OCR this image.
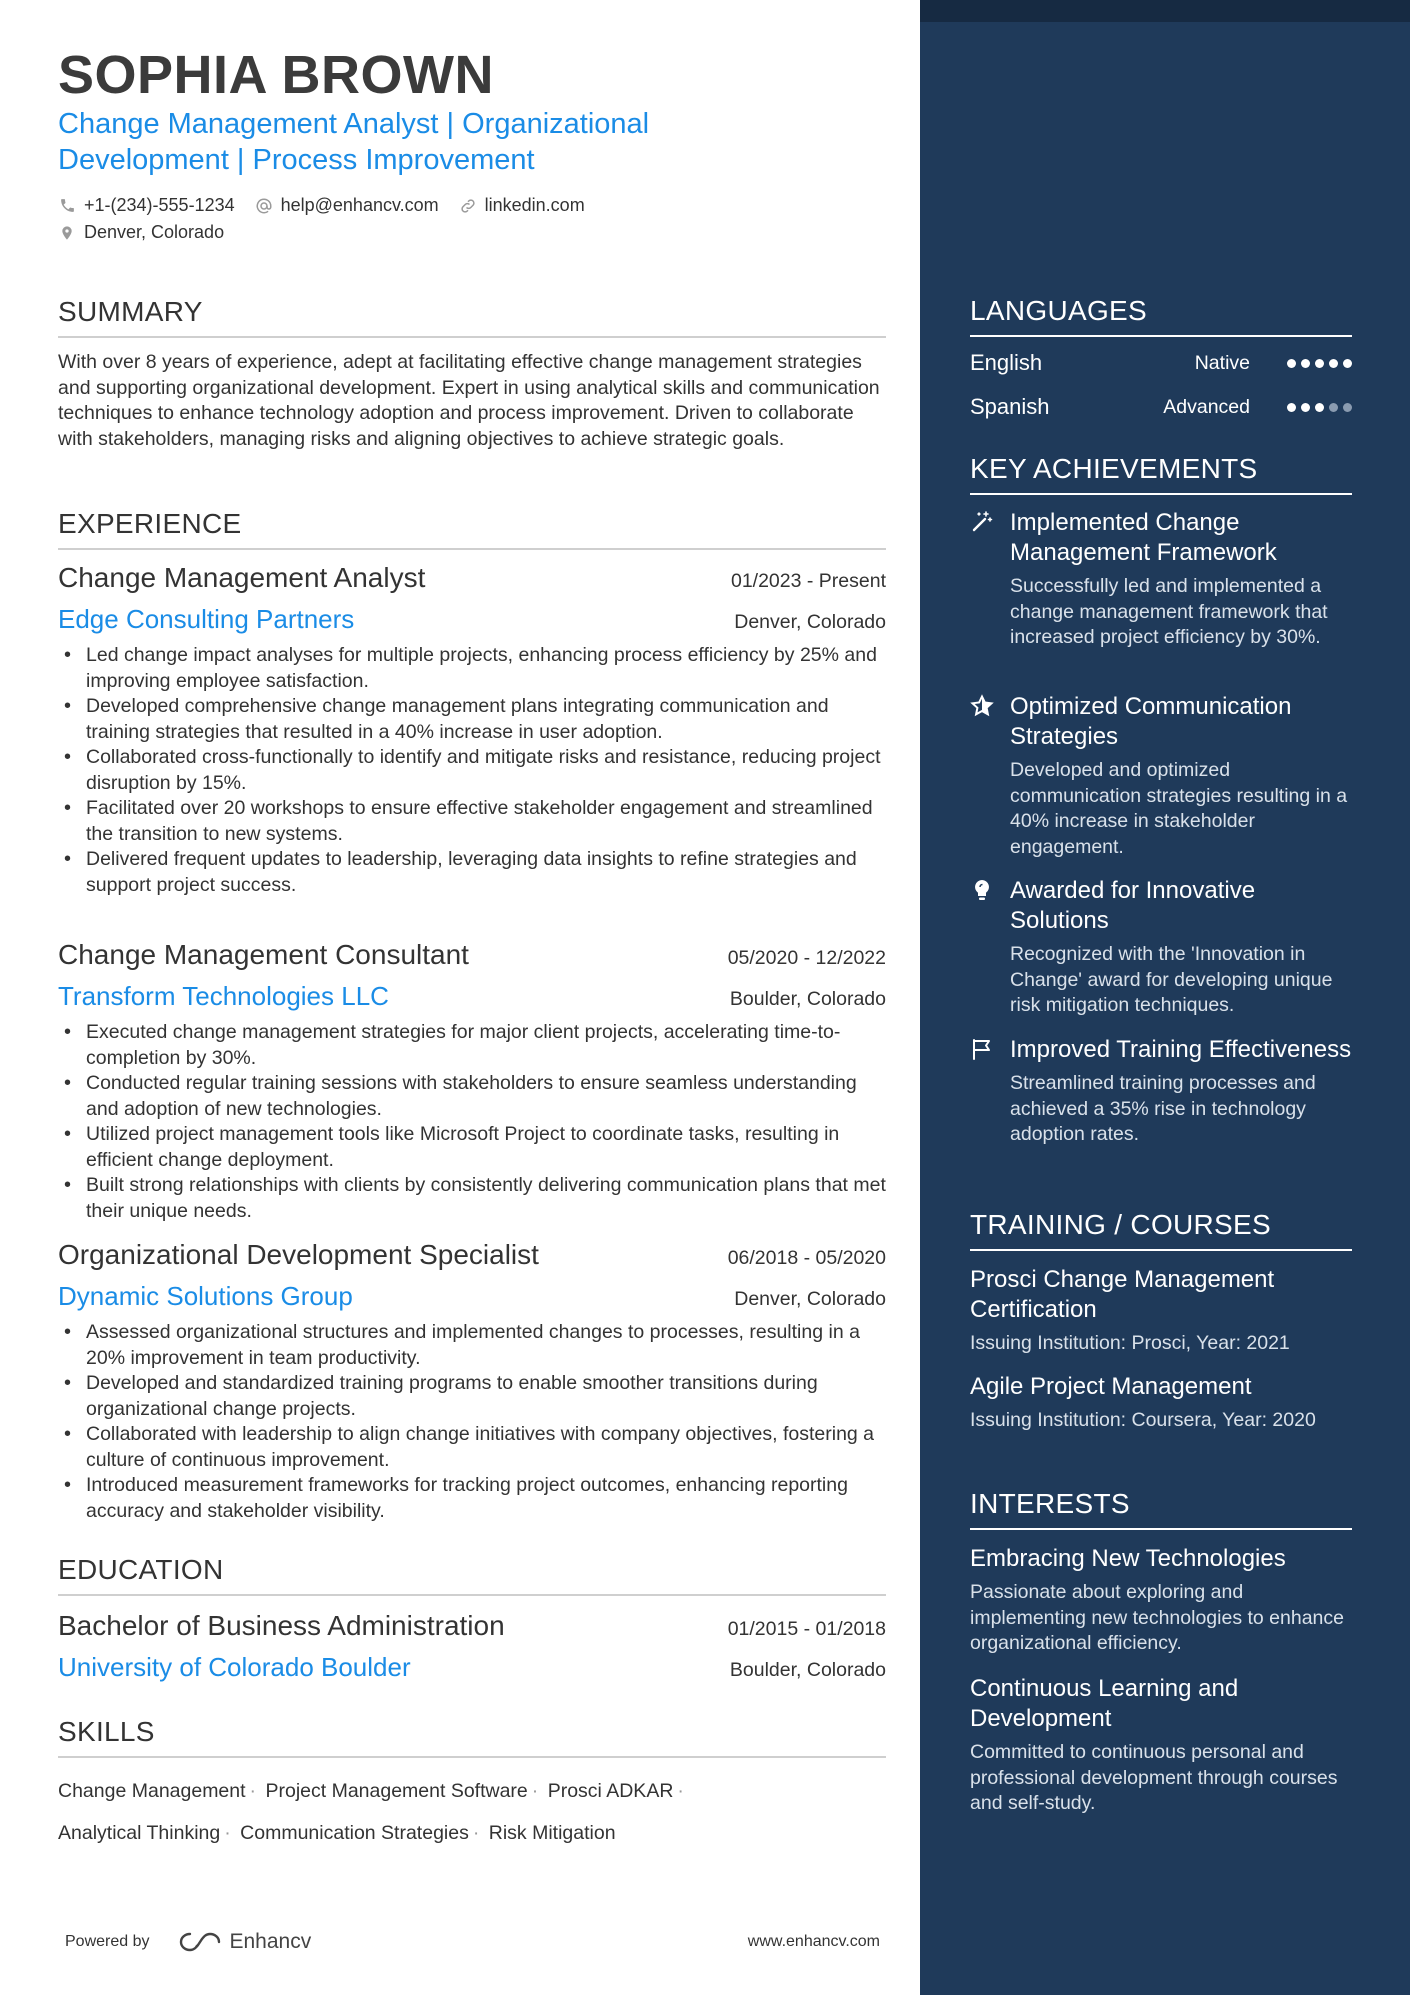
SOPHIA BROWN
Change Management Analyst | Organizational Development | Process Improvement
+1-(234)-555-1234	help@enhancv.com	linkedin.com
Denver, Colorado
SUMMARY
With over 8 years of experience, adept at facilitating effective change management strategies and supporting organizational development. Expert in using analytical skills and communication techniques to enhance technology adoption and process improvement. Driven to collaborate with stakeholders, managing risks and aligning objectives to achieve strategic goals.
EXPERIENCE
Change Management Analyst	01/2023 - Present
Edge Consulting Partners	Denver, Colorado
• Led change impact analyses for multiple projects, enhancing process efficiency by 25% and improving employee satisfaction.
• Developed comprehensive change management plans integrating communication and training strategies that resulted in a 40% increase in user adoption.
• Collaborated cross-functionally to identify and mitigate risks and resistance, reducing project disruption by 15%.
• Facilitated over 20 workshops to ensure effective stakeholder engagement and streamlined the transition to new systems.
• Delivered frequent updates to leadership, leveraging data insights to refine strategies and support project success.
Change Management Consultant	05/2020 - 12/2022
Transform Technologies LLC	Boulder, Colorado
• Executed change management strategies for major client projects, accelerating time-to-completion by 30%.
• Conducted regular training sessions with stakeholders to ensure seamless understanding and adoption of new technologies.
• Utilized project management tools like Microsoft Project to coordinate tasks, resulting in efficient change deployment.
• Built strong relationships with clients by consistently delivering communication plans that met their unique needs.
Organizational Development Specialist	06/2018 - 05/2020
Dynamic Solutions Group	Denver, Colorado
• Assessed organizational structures and implemented changes to processes, resulting in a 20% improvement in team productivity.
• Developed and standardized training programs to enable smoother transitions during organizational change projects.
• Collaborated with leadership to align change initiatives with company objectives, fostering a culture of continuous improvement.
• Introduced measurement frameworks for tracking project outcomes, enhancing reporting accuracy and stakeholder visibility.
EDUCATION
Bachelor of Business Administration	01/2015 - 01/2018
University of Colorado Boulder	Boulder, Colorado
SKILLS
Change Management · Project Management Software · Prosci ADKAR ·
Analytical Thinking · Communication Strategies · Risk Mitigation
Powered by	Enhancv	www.enhancv.com
LANGUAGES
English	Native
Spanish	Advanced
KEY ACHIEVEMENTS
Implemented Change Management Framework
Successfully led and implemented a change management framework that increased project efficiency by 30%.
Optimized Communication Strategies
Developed and optimized communication strategies resulting in a 40% increase in stakeholder engagement.
Awarded for Innovative Solutions
Recognized with the 'Innovation in Change' award for developing unique risk mitigation techniques.
Improved Training Effectiveness
Streamlined training processes and achieved a 35% rise in technology adoption rates.
TRAINING / COURSES
Prosci Change Management Certification
Issuing Institution: Prosci, Year: 2021
Agile Project Management
Issuing Institution: Coursera, Year: 2020
INTERESTS
Embracing New Technologies
Passionate about exploring and implementing new technologies to enhance organizational efficiency.
Continuous Learning and Development
Committed to continuous personal and professional development through courses and self-study.
